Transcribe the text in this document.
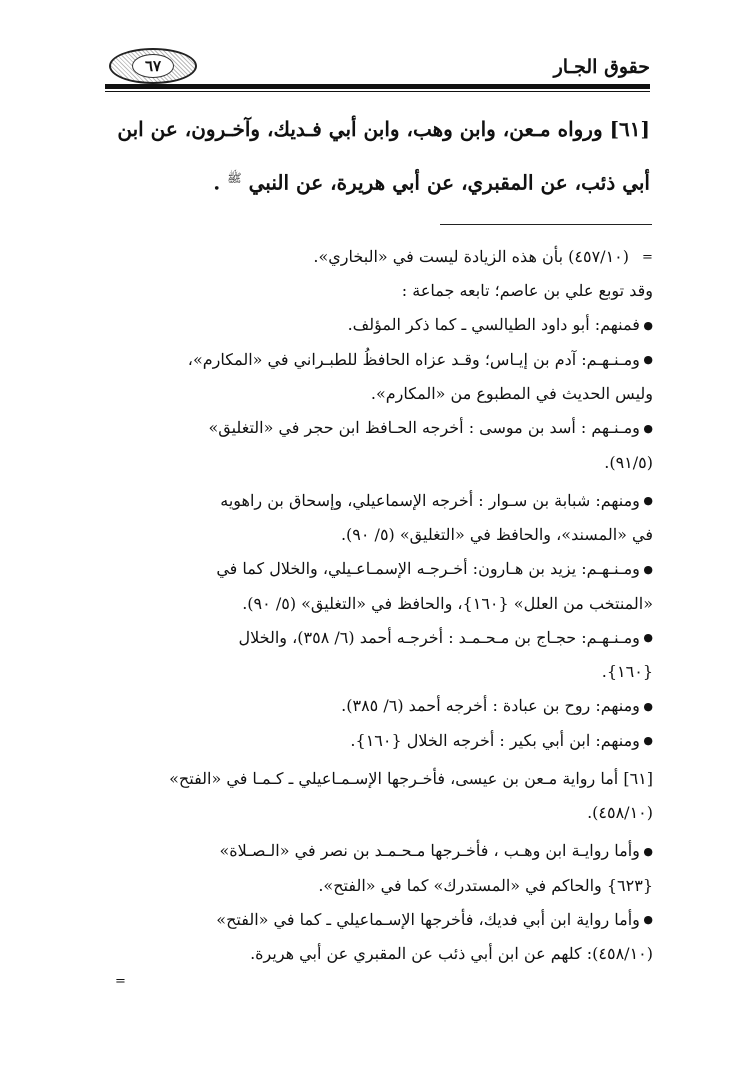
حقوق الجـار
٦٧
[٦١] ورواه مـعن، وابن وهب، وابن أبي فـديك، وآخـرون، عن ابن
أبي ذئب، عن المقبري، عن أبي هريرة، عن النبي $^ﷺ$ .
=

(٤٥٧/١٠) بأن هذه الزيادة ليست في «البخاري».

وقد توبع علي بن عاصم؛ تابعه جماعة :

● فمنهم: أبو داود الطيالسي ـ كما ذكر المؤلف.

● ومـنـهـم: آدم بن إيـاس؛ وقـد عزاه الحافظُ للطبـراني في «المكارم»،

وليس الحديث في المطبوع من «المكارم».

● ومـنـهم : أسد بن موسى : أخرجه الحـافظ ابن حجر في «التغليق»

(٩١/٥).

● ومنهم: شبابة بن سـوار : أخرجه الإسماعيلي، وإسحاق بن راهويه

في «المسند»، والحافظ في «التغليق» (٥/ ٩٠).

● ومـنـهـم: يزيد بن هـارون: أخـرجـه الإسمـاعـيلي، والخلال كما في

«المنتخب من العلل» {١٦٠}، والحافظ في «التغليق» (٥/ ٩٠).

● ومـنـهـم: حجـاج بن مـحـمـد : أخرجـه أحمد (٦/ ٣٥٨)، والخلال

{١٦٠}.

● ومنهم: روح بن عبادة : أخرجه أحمد (٦/ ٣٨٥).

● ومنهم: ابن أبي بكير : أخرجه الخلال {١٦٠}.

[٦١] أما رواية مـعن بن عيسى، فأخـرجها الإسـمـاعيلي ـ كـمـا في «الفتح»

(٤٥٨/١٠).

● وأما روايـة ابن وهـب ، فأخـرجها مـحـمـد بن نصر في «الـصـلاة»

{٦٢٣} والحاكم في «المستدرك» كما في «الفتح».

● وأما رواية ابن أبي فديك، فأخرجها الإسـماعيلي ـ كما في «الفتح»

(٤٥٨/١٠): كلهم عن ابن أبي ذئب عن المقبري عن أبي هريرة.

=
